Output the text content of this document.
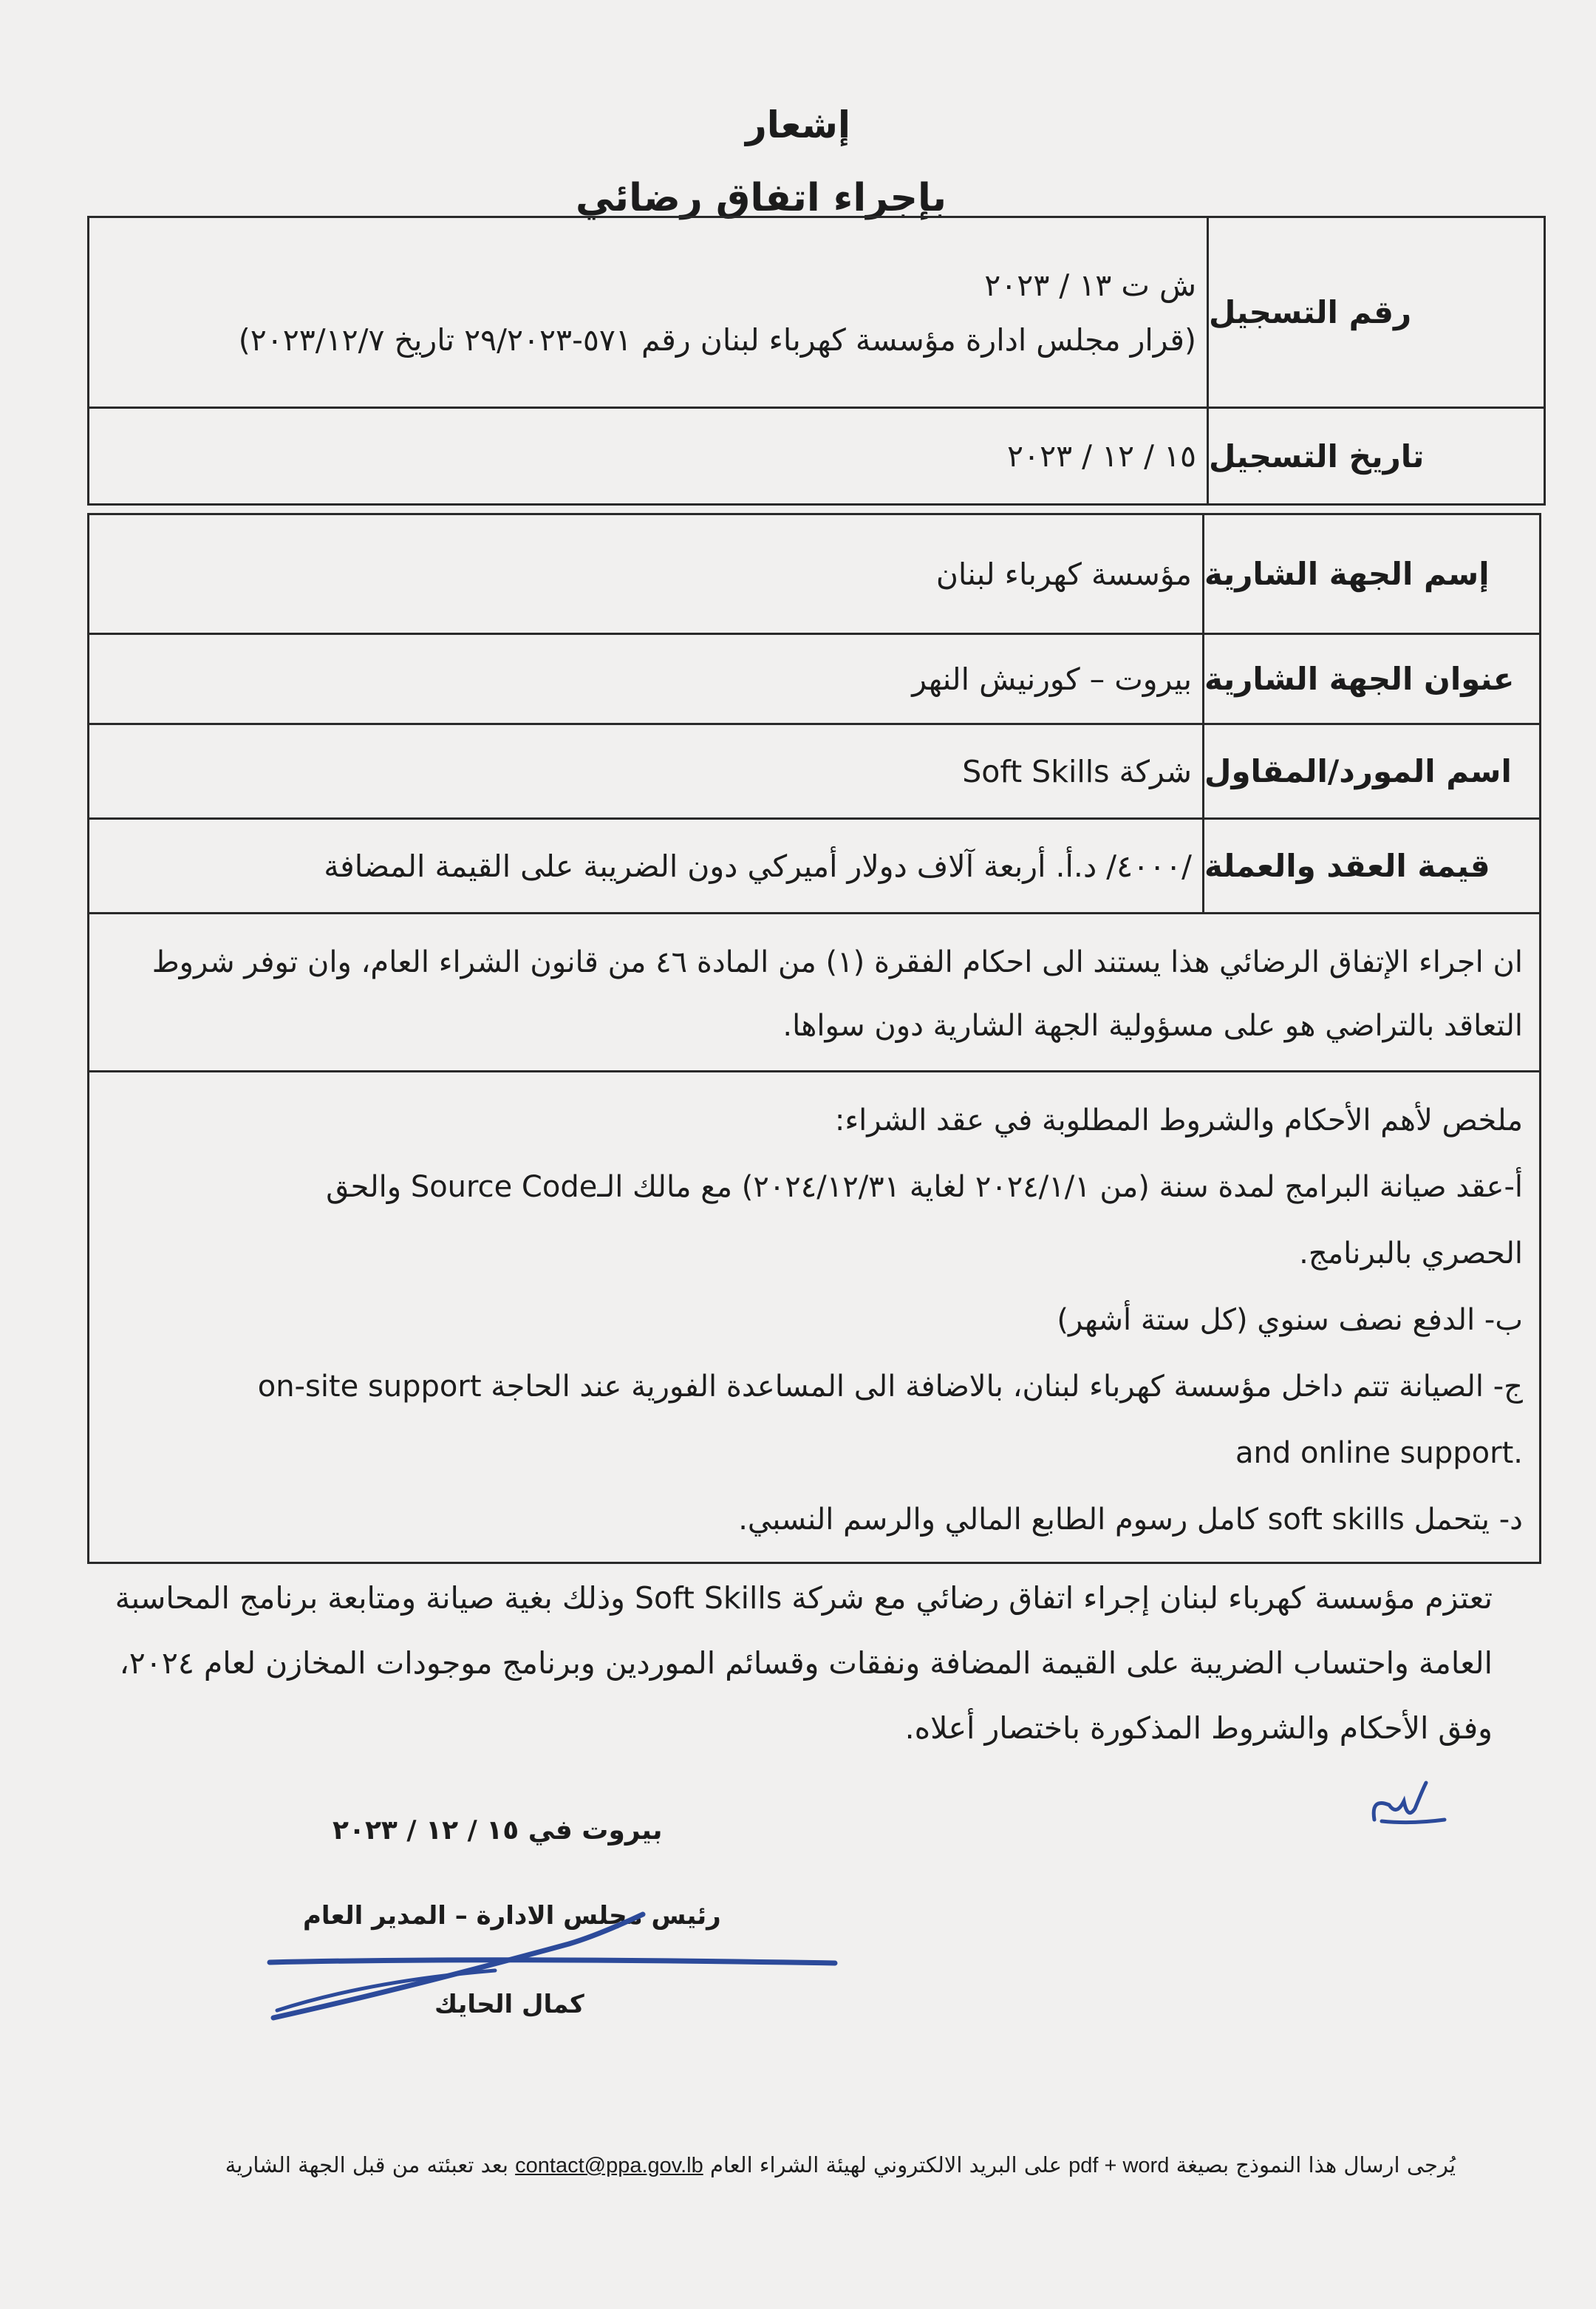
إشعار
بإجراء اتفاق رضائي
رقم التسجيل
ش ت ١٣ / ٢٠٢٣
(قرار مجلس ادارة مؤسسة كهرباء لبنان رقم ٥٧١-٢٩/٢٠٢٣ تاريخ ٢٠٢٣/١٢/٧)
تاريخ التسجيل
١٥ / ١٢ / ٢٠٢٣
إسم الجهة الشارية
مؤسسة كهرباء لبنان
عنوان الجهة الشارية
بيروت – كورنيش النهر
اسم المورد/المقاول
شركة Soft Skills
قيمة العقد والعملة
/٤٠٠٠/ د.أ. أربعة آلاف دولار أميركي دون الضريبة على القيمة المضافة

ان اجراء الإتفاق الرضائي هذا يستند الى احكام الفقرة (١) من المادة ٤٦ من قانون الشراء العام، وان توفر شروط

التعاقد بالتراضي هو على مسؤولية الجهة الشارية دون سواها.

ملخص لأهم الأحكام والشروط المطلوبة في عقد الشراء:

أ-عقد صيانة البرامج لمدة سنة (من ٢٠٢٤/١/١ لغاية ٢٠٢٤/١٢/٣١) مع مالك الـSource Code والحق

الحصري بالبرنامج.

ب- الدفع نصف سنوي (كل ستة أشهر)

ج- الصيانة تتم داخل مؤسسة كهرباء لبنان، بالاضافة الى المساعدة الفورية عند الحاجة on-site support

.and online support

د- يتحمل soft skills كامل رسوم الطابع المالي والرسم النسبي.

تعتزم مؤسسة كهرباء لبنان إجراء اتفاق رضائي مع شركة Soft Skills وذلك بغية صيانة ومتابعة برنامج المحاسبة

العامة واحتساب الضريبة على القيمة المضافة ونفقات وقسائم الموردين وبرنامج موجودات المخازن لعام ٢٠٢٤،

وفق الأحكام والشروط المذكورة باختصار أعلاه.

بيروت في ١٥ / ١٢ / ٢٠٢٣
رئيس مجلس الادارة – المدير العام
كمال الحايك
يُرجى ارسال هذا النموذج بصيغة pdf + word على البريد الالكتروني لهيئة الشراء العام contact@ppa.gov.lb بعد تعبئته من قبل الجهة الشارية
